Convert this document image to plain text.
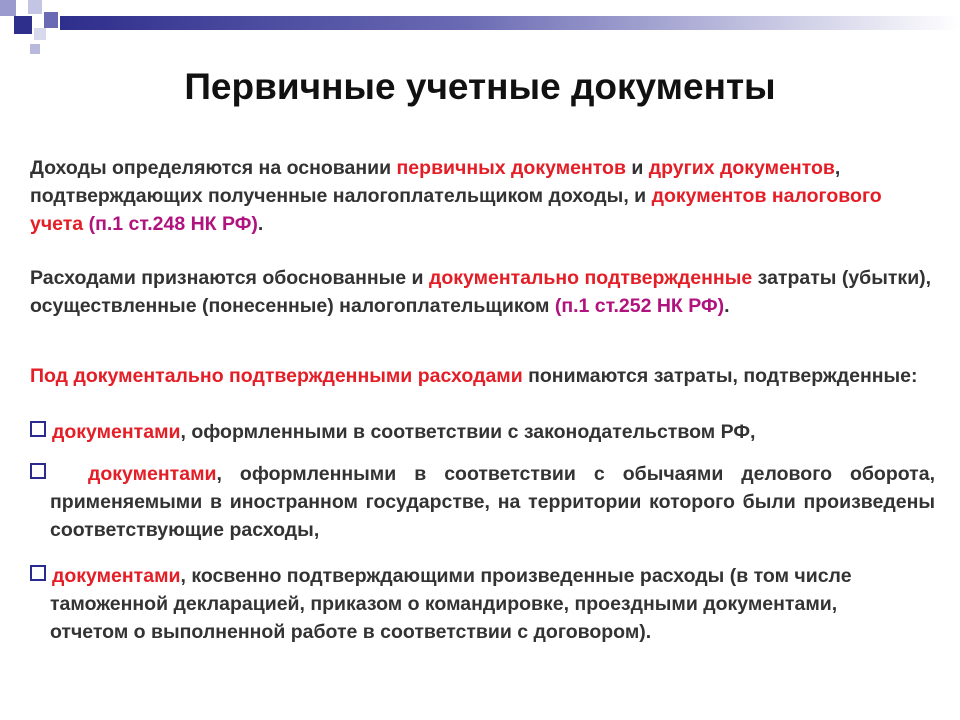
Первичные учетные документы

Доходы определяются на основании первичных документов и других документов, подтверждающих полученные налогоплательщиком доходы, и документов налогового учета (п.1 ст.248 НК РФ).

Расходами признаются обоснованные и документально подтвержденные затраты (убытки), осуществленные (понесенные) налогоплательщиком (п.1 ст.252 НК РФ).

Под документально подтвержденными расходами понимаются затраты, подтвержденные:

документами, оформленными в соответствии с законодательством РФ,
документами, оформленными в соответствии с обычаями делового оборота, применяемыми в иностранном государстве, на территории которого были произведены соответствующие расходы,
документами, косвенно подтверждающими произведенные расходы (в том числе таможенной декларацией, приказом о командировке, проездными документами, отчетом о выполненной работе в соответствии с договором).
